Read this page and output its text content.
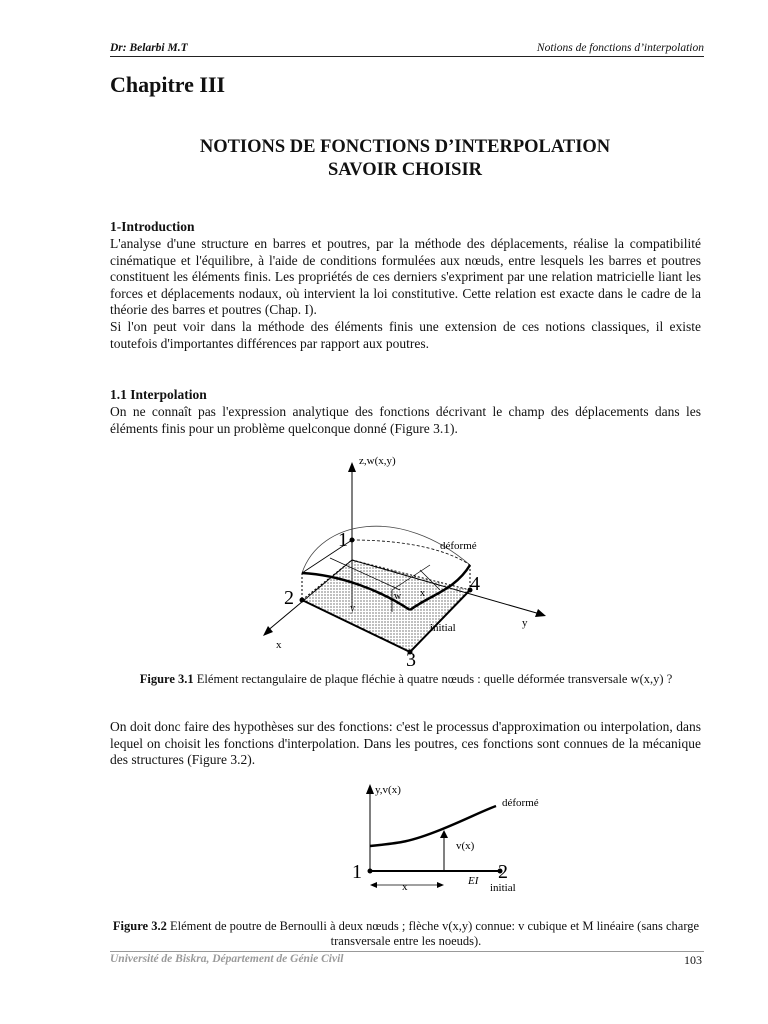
Dr: Belarbi M.T	Notions de fonctions d’interpolation
Chapitre III
NOTIONS DE FONCTIONS D’INTERPOLATION
SAVOIR CHOISIR
1-Introduction

L'analyse d'une structure en barres et poutres, par la méthode des déplacements, réalise la compatibilité cinématique et l'équilibre, à l'aide de conditions formulées aux nœuds, entre lesquels les barres et poutres constituent les éléments finis. Les propriétés de ces derniers s'expriment par une relation matricielle liant les forces et déplacements nodaux, où intervient la loi constitutive. Cette relation est exacte dans le cadre de la théorie des barres et poutres (Chap. I).

Si l'on peut voir dans la méthode des éléments finis une extension de ces notions classiques, il existe toutefois d'importantes différences par rapport aux poutres.

1.1 Interpolation
On ne connaît pas l'expression analytique des fonctions décrivant le champ des déplacements dans les éléments finis pour un problème quelconque donné (Figure 3.1).
z,w(x,y)
x
y
déformé
initial
w x
y
1
2
3
4
Figure 3.1 Elément rectangulaire de plaque fléchie à quatre nœuds : quelle déformée transversale w(x,y) ?
On doit donc faire des hypothèses sur des fonctions: c'est le processus d'approximation ou interpolation, dans lequel on choisit les fonctions d'interpolation. Dans les poutres, ces fonctions sont connues de la mécanique des structures (Figure 3.2).
y,v(x)
déformé
v(x)
EI
initial
x
1	2
Figure 3.2 Elément de poutre de Bernoulli à deux nœuds ; flèche v(x,y) connue: v cubique et M linéaire (sans charge transversale entre les noeuds).
Université de Biskra, Département de Génie Civil	103
